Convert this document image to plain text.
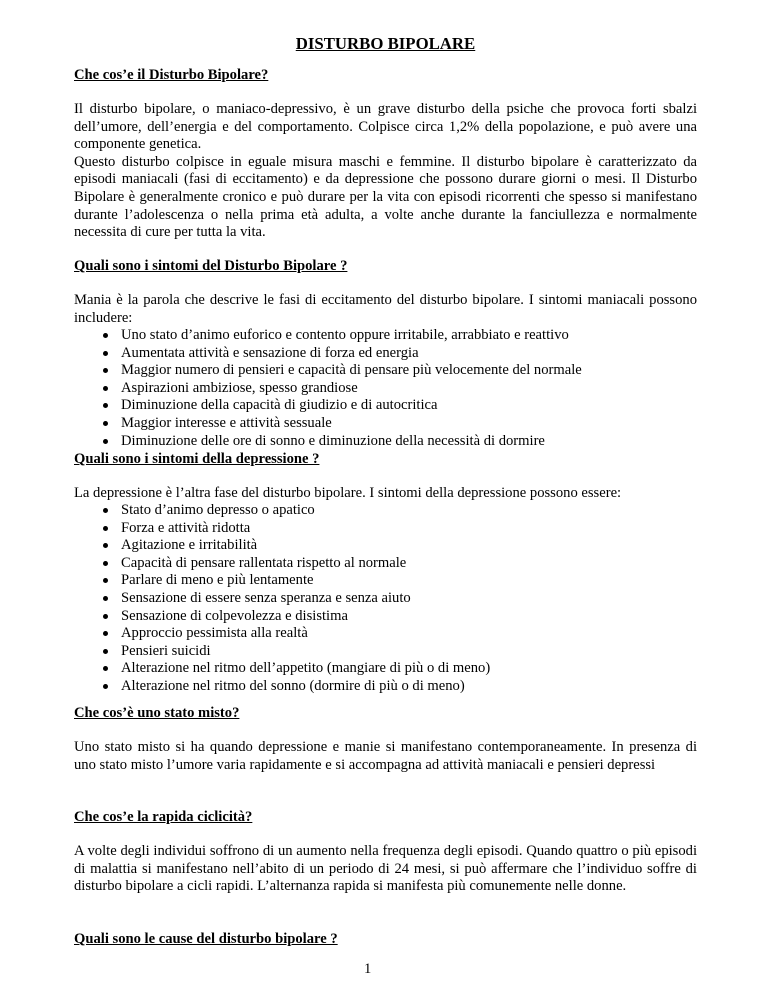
DISTURBO BIPOLARE
Che cos’e il Disturbo Bipolare?

Il disturbo bipolare, o maniaco-depressivo, è un grave disturbo della psiche che provoca forti sbalzi dell’umore, dell’energia e del comportamento. Colpisce circa 1,2% della popolazione, e può avere una componente genetica.

Questo disturbo colpisce in eguale misura maschi e femmine. Il disturbo bipolare è caratterizzato da episodi maniacali (fasi di eccitamento) e da depressione che possono durare giorni o mesi. Il Disturbo Bipolare è generalmente cronico e può durare per la vita con episodi ricorrenti che spesso si manifestano durante l’adolescenza o nella prima età adulta, a volte anche durante la fanciullezza e normalmente necessita di cure per tutta la vita.

Quali sono i sintomi del Disturbo Bipolare ?
Mania è la parola che descrive le fasi di eccitamento del disturbo bipolare. I sintomi maniacali possono includere:
Uno stato d’animo euforico e contento oppure irritabile, arrabbiato e reattivo
Aumentata attività e sensazione di forza ed energia
Maggior numero di pensieri e capacità di pensare più velocemente del normale
Aspirazioni ambiziose, spesso grandiose
Diminuzione della capacità di giudizio e di autocritica
Maggior interesse e attività sessuale
Diminuzione delle ore di sonno e diminuzione della necessità di dormire
Quali sono i sintomi della depressione ?
La depressione è l’altra fase del disturbo bipolare. I sintomi della depressione possono essere:
Stato d’animo depresso o apatico
Forza e attività ridotta
Agitazione e irritabilità
Capacità di pensare rallentata rispetto al normale
Parlare di meno e più lentamente
Sensazione di essere senza speranza e senza aiuto
Sensazione di colpevolezza e disistima
Approccio pessimista alla realtà
Pensieri suicidi
Alterazione nel ritmo dell’appetito (mangiare di più o di meno)
Alterazione nel ritmo del sonno (dormire di più o di meno)
Che cos’è uno stato misto?
Uno stato misto si ha quando depressione e manie si manifestano contemporaneamente. In presenza di uno stato misto l’umore varia rapidamente e si accompagna ad attività maniacali e pensieri depressi
Che cos’e la rapida ciclicità?
A volte degli individui soffrono di un aumento nella frequenza degli episodi. Quando quattro o più episodi di malattia si manifestano nell’abito di un periodo di 24 mesi, si può affermare che l’individuo soffre di disturbo bipolare a cicli rapidi. L’alternanza rapida si manifesta più comunemente nelle donne.
Quali sono le cause del disturbo bipolare ?
1
